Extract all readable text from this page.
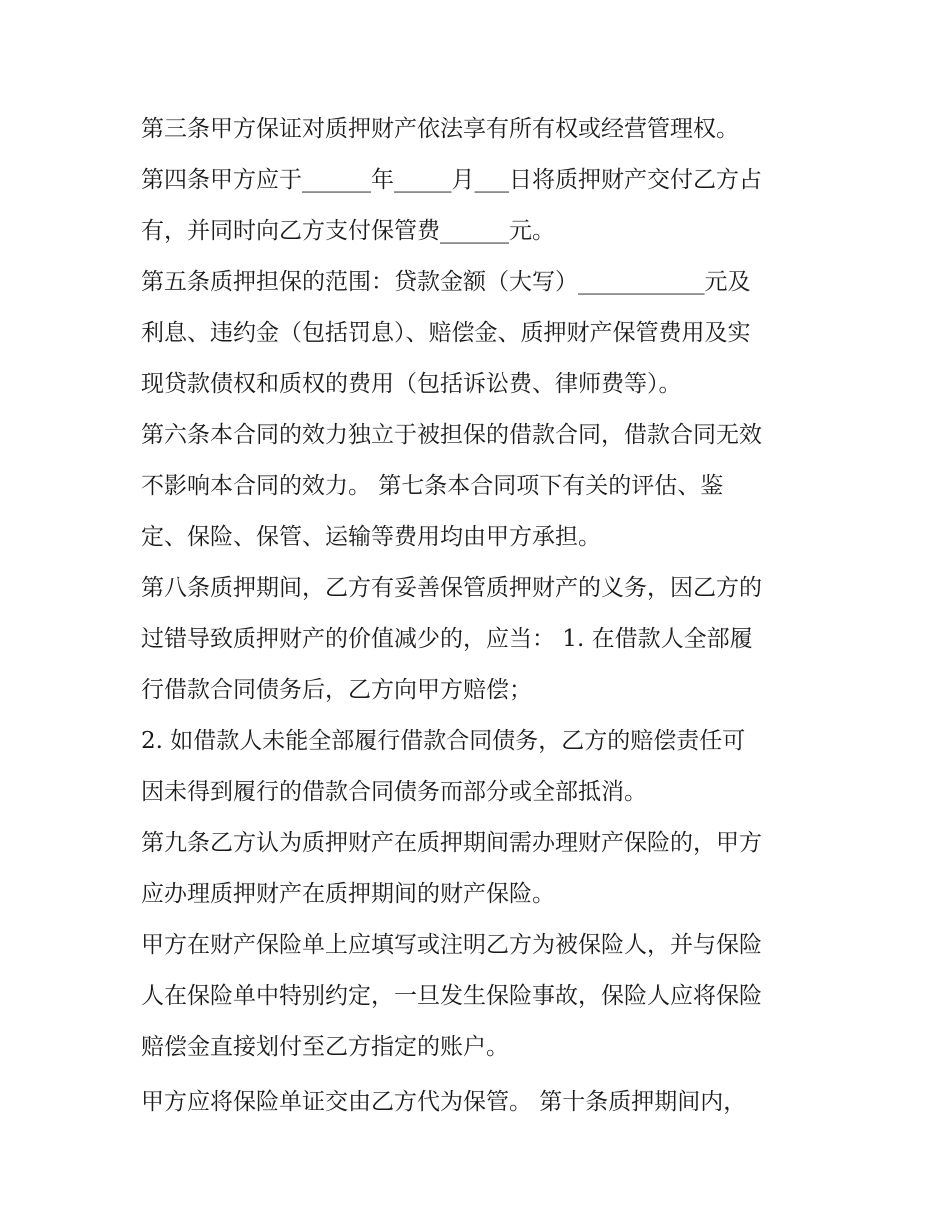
第三条甲方保证对质押财产依法享有所有权或经营管理权。
第四条甲方应于______年_____月___日将质押财产交付乙方占
有，并同时向乙方支付保管费______元。
第五条质押担保的范围：贷款金额（大写）___________元及
利息、违约金（包括罚息）、赔偿金、质押财产保管费用及实
现贷款债权和质权的费用（包括诉讼费、律师费等）。
第六条本合同的效力独立于被担保的借款合同，借款合同无效
不影响本合同的效力。 第七条本合同项下有关的评估、鉴
定、保险、保管、运输等费用均由甲方承担。
第八条质押期间，乙方有妥善保管质押财产的义务，因乙方的
过错导致质押财产的价值减少的，应当： 1. 在借款人全部履
行借款合同债务后，乙方向甲方赔偿；
2. 如借款人未能全部履行借款合同债务，乙方的赔偿责任可
因未得到履行的借款合同债务而部分或全部抵消。
第九条乙方认为质押财产在质押期间需办理财产保险的，甲方
应办理质押财产在质押期间的财产保险。
甲方在财产保险单上应填写或注明乙方为被保险人，并与保险
人在保险单中特别约定，一旦发生保险事故，保险人应将保险
赔偿金直接划付至乙方指定的账户。
甲方应将保险单证交由乙方代为保管。 第十条质押期间内，
